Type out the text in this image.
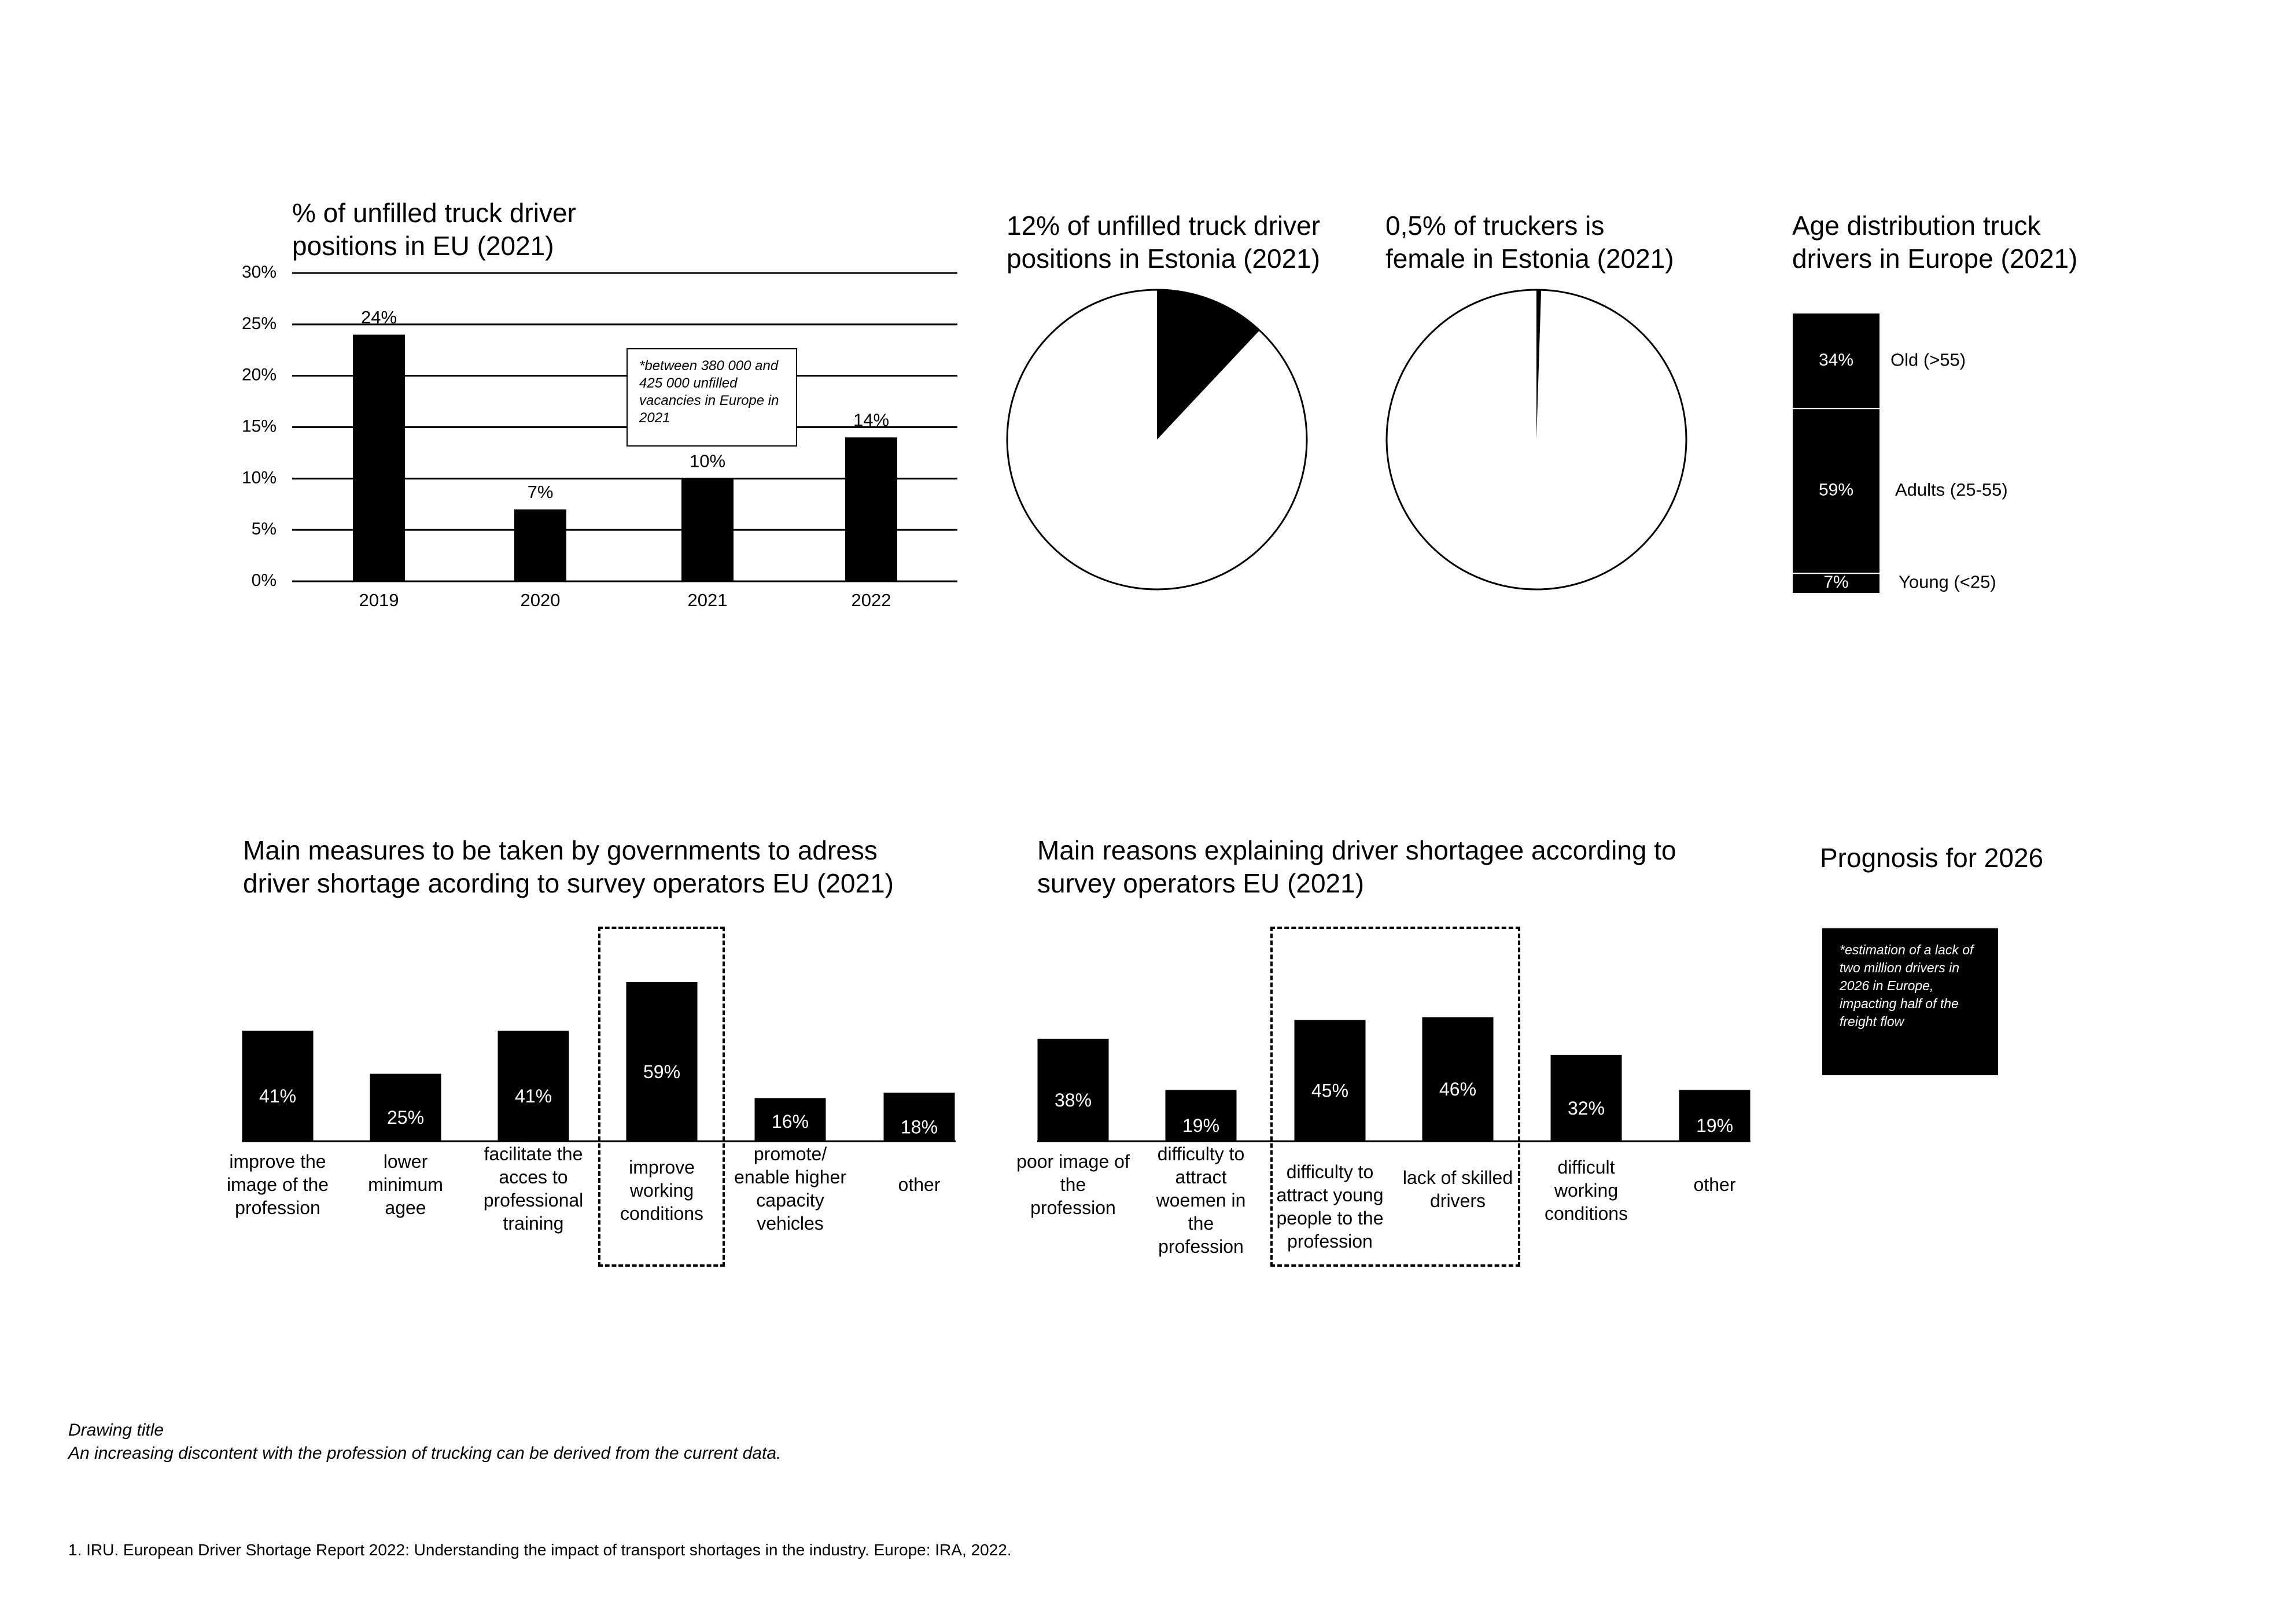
% of unfilled truck driver
positions in EU (2021)
0%
5%
10%
15%
20%
25%
30%
24%
2019
7%
2020
10%
2021
14%
2022
34% Old (>55)
59% Adults (25-55)
7%	Young (<25)
41%
25%
41%
59%
16%	18%
38%
19%
45%	46%
32%
19%
*between 380 000 and 425 000 unfilled vacancies in Europe in 2021
12% of unfilled truck driver
positions in Estonia (2021)
0,5% of truckers is
female in Estonia (2021)
Age distribution truck
drivers in Europe (2021)
Main measures to be taken by governments to adress
driver shortage acording to survey operators EU (2021)
Main reasons explaining driver shortagee according to
survey operators EU (2021)
improve the
image of the
profession
lower
minimum
agee
facilitate the
acces to
professional
training
improve
working
conditions
promote/
enable higher
capacity
vehicles
other
poor image of
the
profession
difficulty to
attract
woemen in
the
profession
difficulty to
attract young
people to the
profession
lack of skilled
drivers
difficult
working
conditions
other
Prognosis for 2026
*estimation of a lack of two million drivers in 2026 in Europe, impacting half of the freight flow
Drawing title
An increasing discontent with the profession of trucking can be derived from the current data.
1. IRU. European Driver Shortage Report 2022: Understanding the impact of transport shortages in the industry. Europe: IRA, 2022.
